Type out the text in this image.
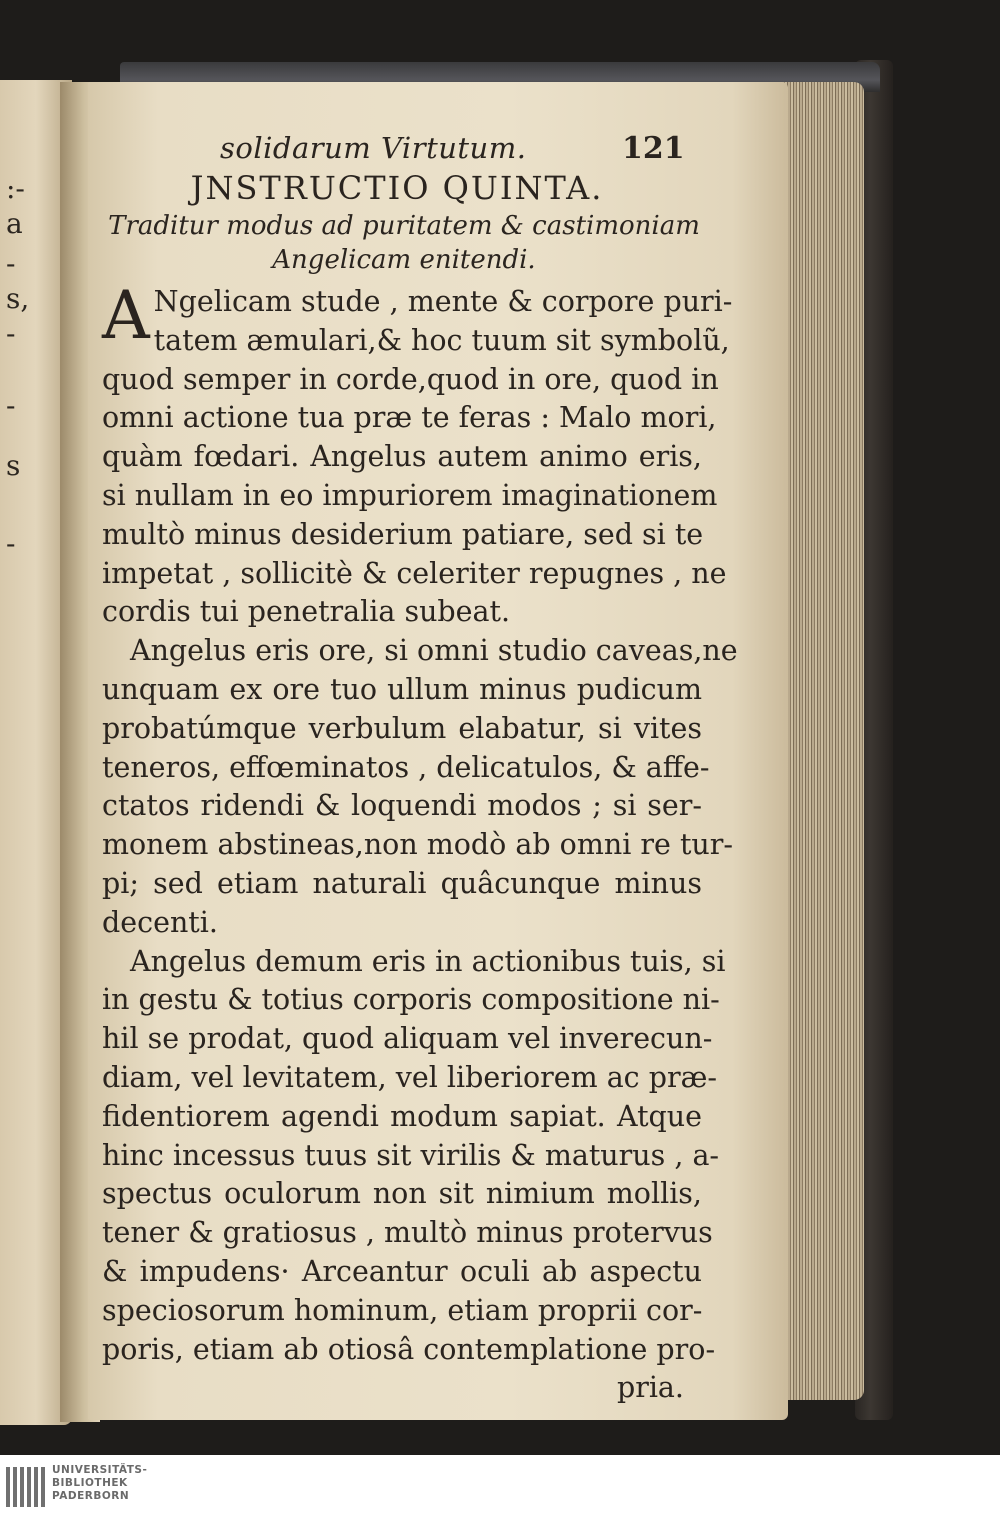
:-
a
-
s,
-
-
s
-
solidarum Virtutum.	121
JNSTRUCTIO QUINTA.
Traditur modus ad puritatem & castimoniam
Angelicam enitendi.
A Ngelicam stude , mente & corpore puri-
tatem æmulari,& hoc tuum sit symbolũ,
quod semper in corde,quod in ore, quod in
omni actione tua præ te feras : Malo mori,
quàm fœdari. Angelus autem animo eris,
si nullam in eo impuriorem imaginationem
multò minus desiderium patiare, sed si te
impetat , sollicitè & celeriter repugnes , ne
cordis tui penetralia subeat.
Angelus eris ore, si omni studio caveas,ne
unquam ex ore tuo ullum minus pudicum
probatúmque verbulum elabatur, si vites
teneros, effœminatos , delicatulos, & affe-
ctatos ridendi & loquendi modos ; si ser-
monem abstineas,non modò ab omni re tur-
pi; sed etiam naturali quâcunque minus
decenti.
Angelus demum eris in actionibus tuis, si
in gestu & totius corporis compositione ni-
hil se prodat, quod aliquam vel inverecun-
diam, vel levitatem, vel liberiorem ac præ-
fidentiorem agendi modum sapiat. Atque
hinc incessus tuus sit virilis & maturus , a-
spectus oculorum non sit nimium mollis,
tener & gratiosus , multò minus protervus
& impudens· Arceantur oculi ab aspectu
speciosorum hominum, etiam proprii cor-
poris, etiam ab otiosâ contemplatione pro-
pria.
UNIVERSITÄTS-
BIBLIOTHEK
PADERBORN
